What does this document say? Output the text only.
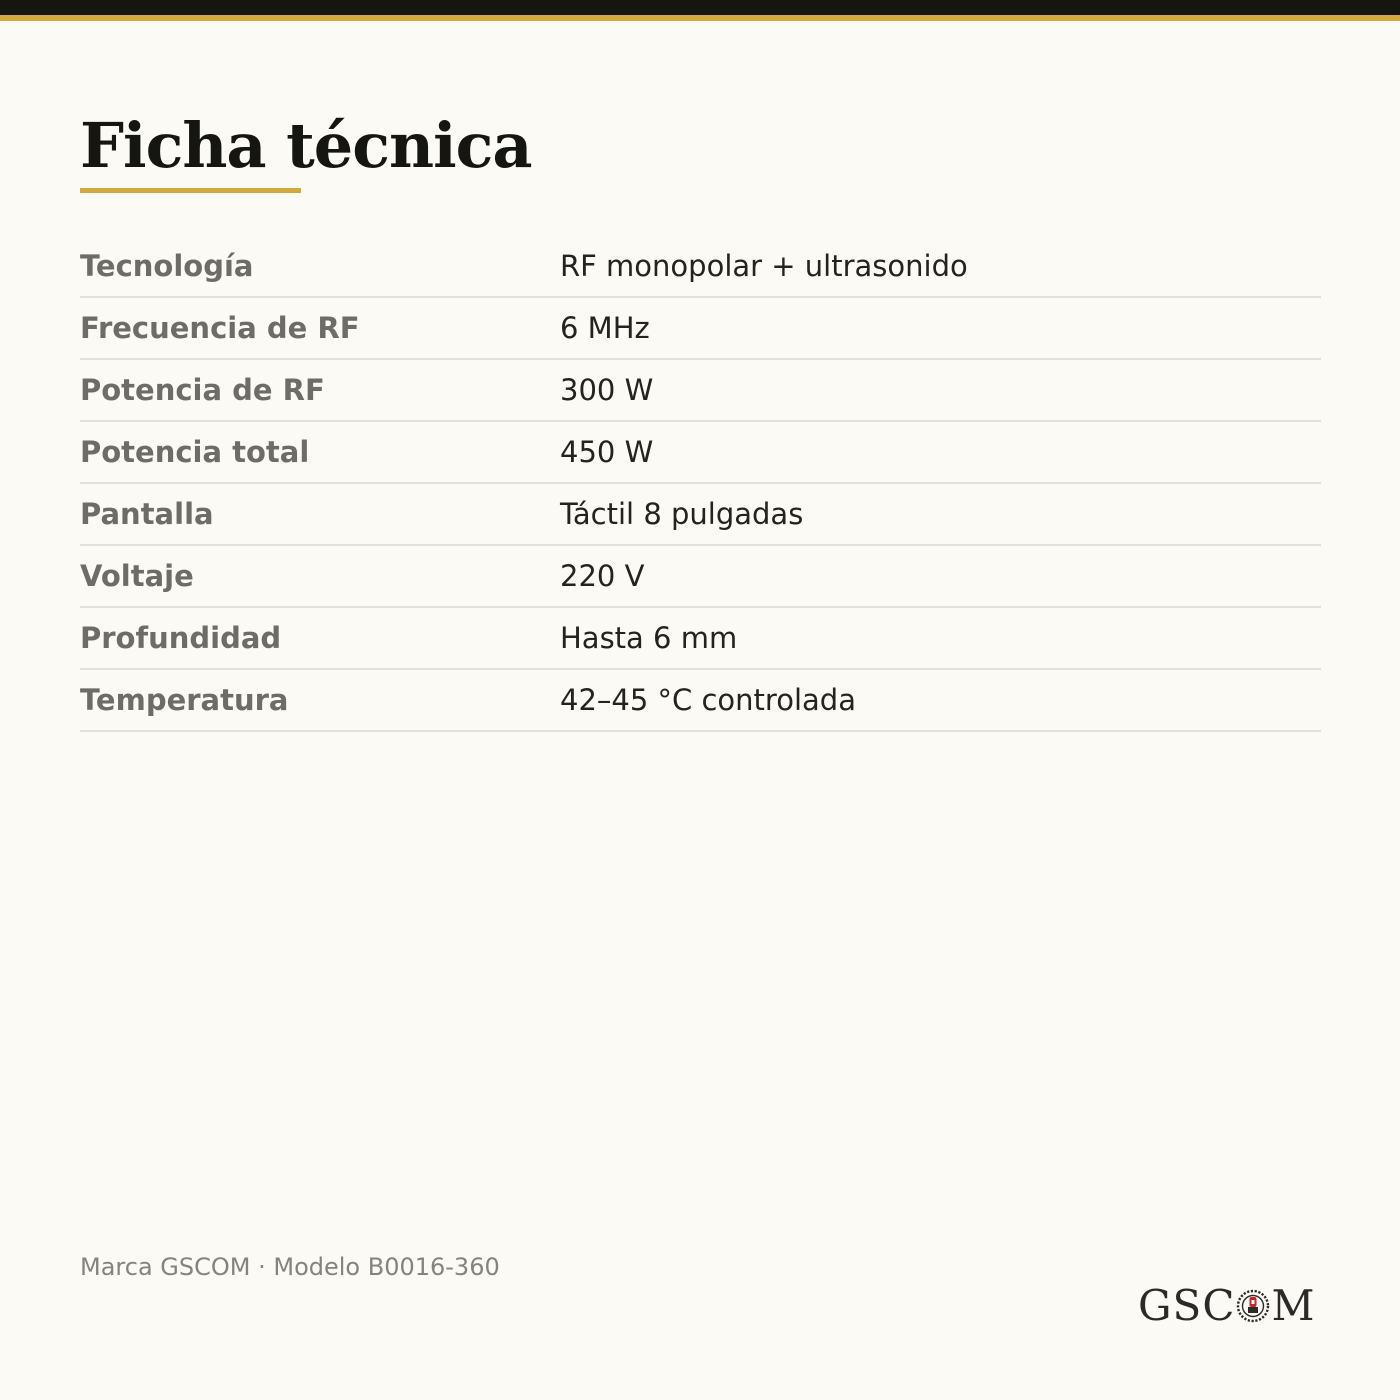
Ficha técnica
Tecnología	RF monopolar + ultrasonido
Frecuencia de RF	6 MHz
Potencia de RF	300 W
Potencia total	450 W
Pantalla	Táctil 8 pulgadas
Voltaje	220 V
Profundidad	Hasta 6 mm
Temperatura	42–45 °C controlada
Marca GSCOM · Modelo B0016-360
GSC M
